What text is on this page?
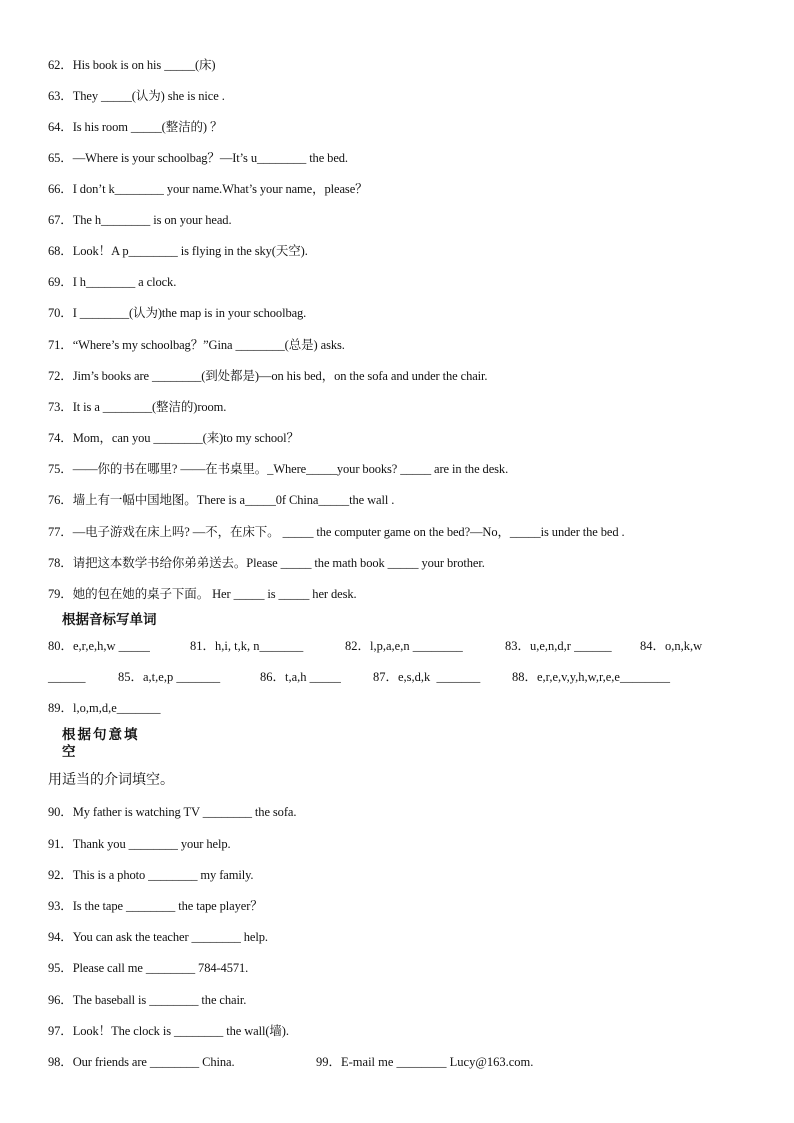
62．His book is on his _____(床)
63．They _____(认为) she is nice .
64．Is his room _____(整洁的) ？
65．—Where is your schoolbag？—It’s u________ the bed.
66．I don’t k________ your name.What’s your name，please？
67．The h________ is on your head.
68．Look！A p________ is flying in the sky(天空).
69．I h________ a clock.
70．I ________(认为)the map is in your schoolbag.
71．“Where’s my schoolbag？”Gina ________(总是) asks.
72．Jim’s books are ________(到处都是)—on his bed，on the sofa and under the chair.
73．It is a ________(整洁的)room.
74．Mom，can you ________(来)to my school？
75．——你的书在哪里? ——在书桌里。_Where_____your books? _____ are in the desk.
76．墙上有一幅中国地图。There is a_____0f China_____the wall .
77．—电子游戏在床上吗? —不，在床下。 _____ the computer game on the bed?—No，_____is under the bed .
78．请把这本数学书给你弟弟送去。Please _____ the math book _____ your brother.
79．她的包在她的桌子下面。 Her _____ is _____ her desk.
根据音标写单词
80．e,r,e,h,w _____	81．h,i, t,k, n_______	82．l,p,a,e,n ________	83．u,e,n,d,r ______ 84．o,n,k,w
______	85．a,t,e,p _______	86．t,a,h _____	87．e,s,d,k  _______	88．e,r,e,v,y,h,w,r,e,e________
89．l,o,m,d,e_______
根据句意填
空
用适当的介词填空。
90．My father is watching TV ________ the sofa.
91．Thank you ________ your help.
92．This is a photo ________ my family.
93．Is the tape ________ the tape player？
94．You can ask the teacher ________ help.
95．Please call me ________ 784-4571.
96．The baseball is ________ the chair.
97．Look！The clock is ________ the wall(墙).
98．Our friends are ________ China.	99．E-mail me ________ Lucy@163.com.
